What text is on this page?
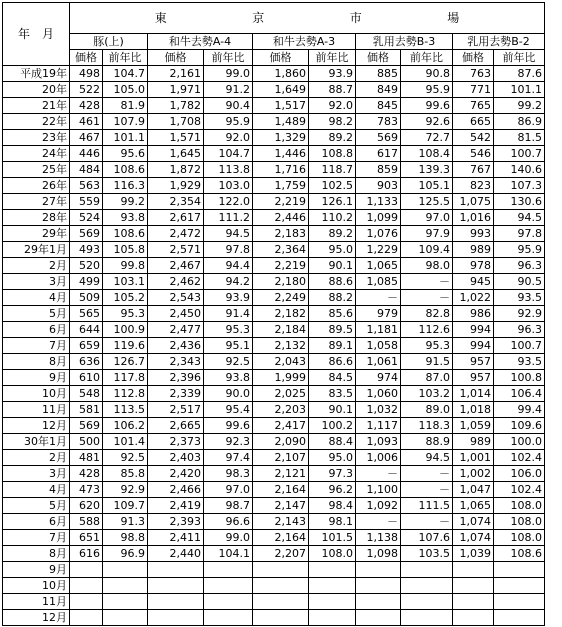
年　月	東 京 市 場									

	豚(上)		和牛去勢A-4		和牛去勢A-3		乳用去勢B-3		乳用去勢B-2	
	価格	前年比	価格	前年比	価格	前年比	価格	前年比	価格	前年比
平成19年	498	104.7	2,161	99.0	1,860	93.9	885	90.8	763	87.6
20年	522	105.0	1,971	91.2	1,649	88.7	849	95.9	771	101.1
21年	428	81.9	1,782	90.4	1,517	92.0	845	99.6	765	99.2
22年	461	107.9	1,708	95.9	1,489	98.2	783	92.6	665	86.9
23年	467	101.1	1,571	92.0	1,329	89.2	569	72.7	542	81.5
24年	446	95.6	1,645	104.7	1,446	108.8	617	108.4	546	100.7
25年	484	108.6	1,872	113.8	1,716	118.7	859	139.3	767	140.6
26年	563	116.3	1,929	103.0	1,759	102.5	903	105.1	823	107.3
27年	559	99.2	2,354	122.0	2,219	126.1	1,133	125.5	1,075	130.6
28年	524	93.8	2,617	111.2	2,446	110.2	1,099	97.0	1,016	94.5
29年	569	108.6	2,472	94.5	2,183	89.2	1,076	97.9	993	97.8
29年1月	493	105.8	2,571	97.8	2,364	95.0	1,229	109.4	989	95.9
2月	520	99.8	2,467	94.4	2,219	90.1	1,065	98.0	978	96.3
3月	499	103.1	2,462	94.2	2,180	88.6	1,085	－	945	90.5
4月	509	105.2	2,543	93.9	2,249	88.2	－	－	1,022	93.5
5月	565	95.3	2,450	91.4	2,182	85.6	979	82.8	986	92.9
6月	644	100.9	2,477	95.3	2,184	89.5	1,181	112.6	994	96.3
7月	659	119.6	2,436	95.1	2,132	89.1	1,058	95.3	994	100.7
8月	636	126.7	2,343	92.5	2,043	86.6	1,061	91.5	957	93.5
9月	610	117.8	2,396	93.8	1,999	84.5	974	87.0	957	100.8
10月	548	112.8	2,339	90.0	2,025	83.5	1,060	103.2	1,014	106.4
11月	581	113.5	2,517	95.4	2,203	90.1	1,032	89.0	1,018	99.4
12月	569	106.2	2,665	99.6	2,417	100.2	1,117	118.3	1,059	109.6
30年1月	500	101.4	2,373	92.3	2,090	88.4	1,093	88.9	989	100.0
2月	481	92.5	2,403	97.4	2,107	95.0	1,006	94.5	1,001	102.4
3月	428	85.8	2,420	98.3	2,121	97.3	－	－	1,002	106.0
4月	473	92.9	2,466	97.0	2,164	96.2	1,100	－	1,047	102.4
5月	620	109.7	2,419	98.7	2,147	98.4	1,092	111.5	1,065	108.0
6月	588	91.3	2,393	96.6	2,143	98.1	－	－	1,074	108.0
7月	651	98.8	2,411	99.0	2,164	101.5	1,138	107.6	1,074	108.0
8月	616	96.9	2,440	104.1	2,207	108.0	1,098	103.5	1,039	108.6
9月										
10月										
11月										
12月										
